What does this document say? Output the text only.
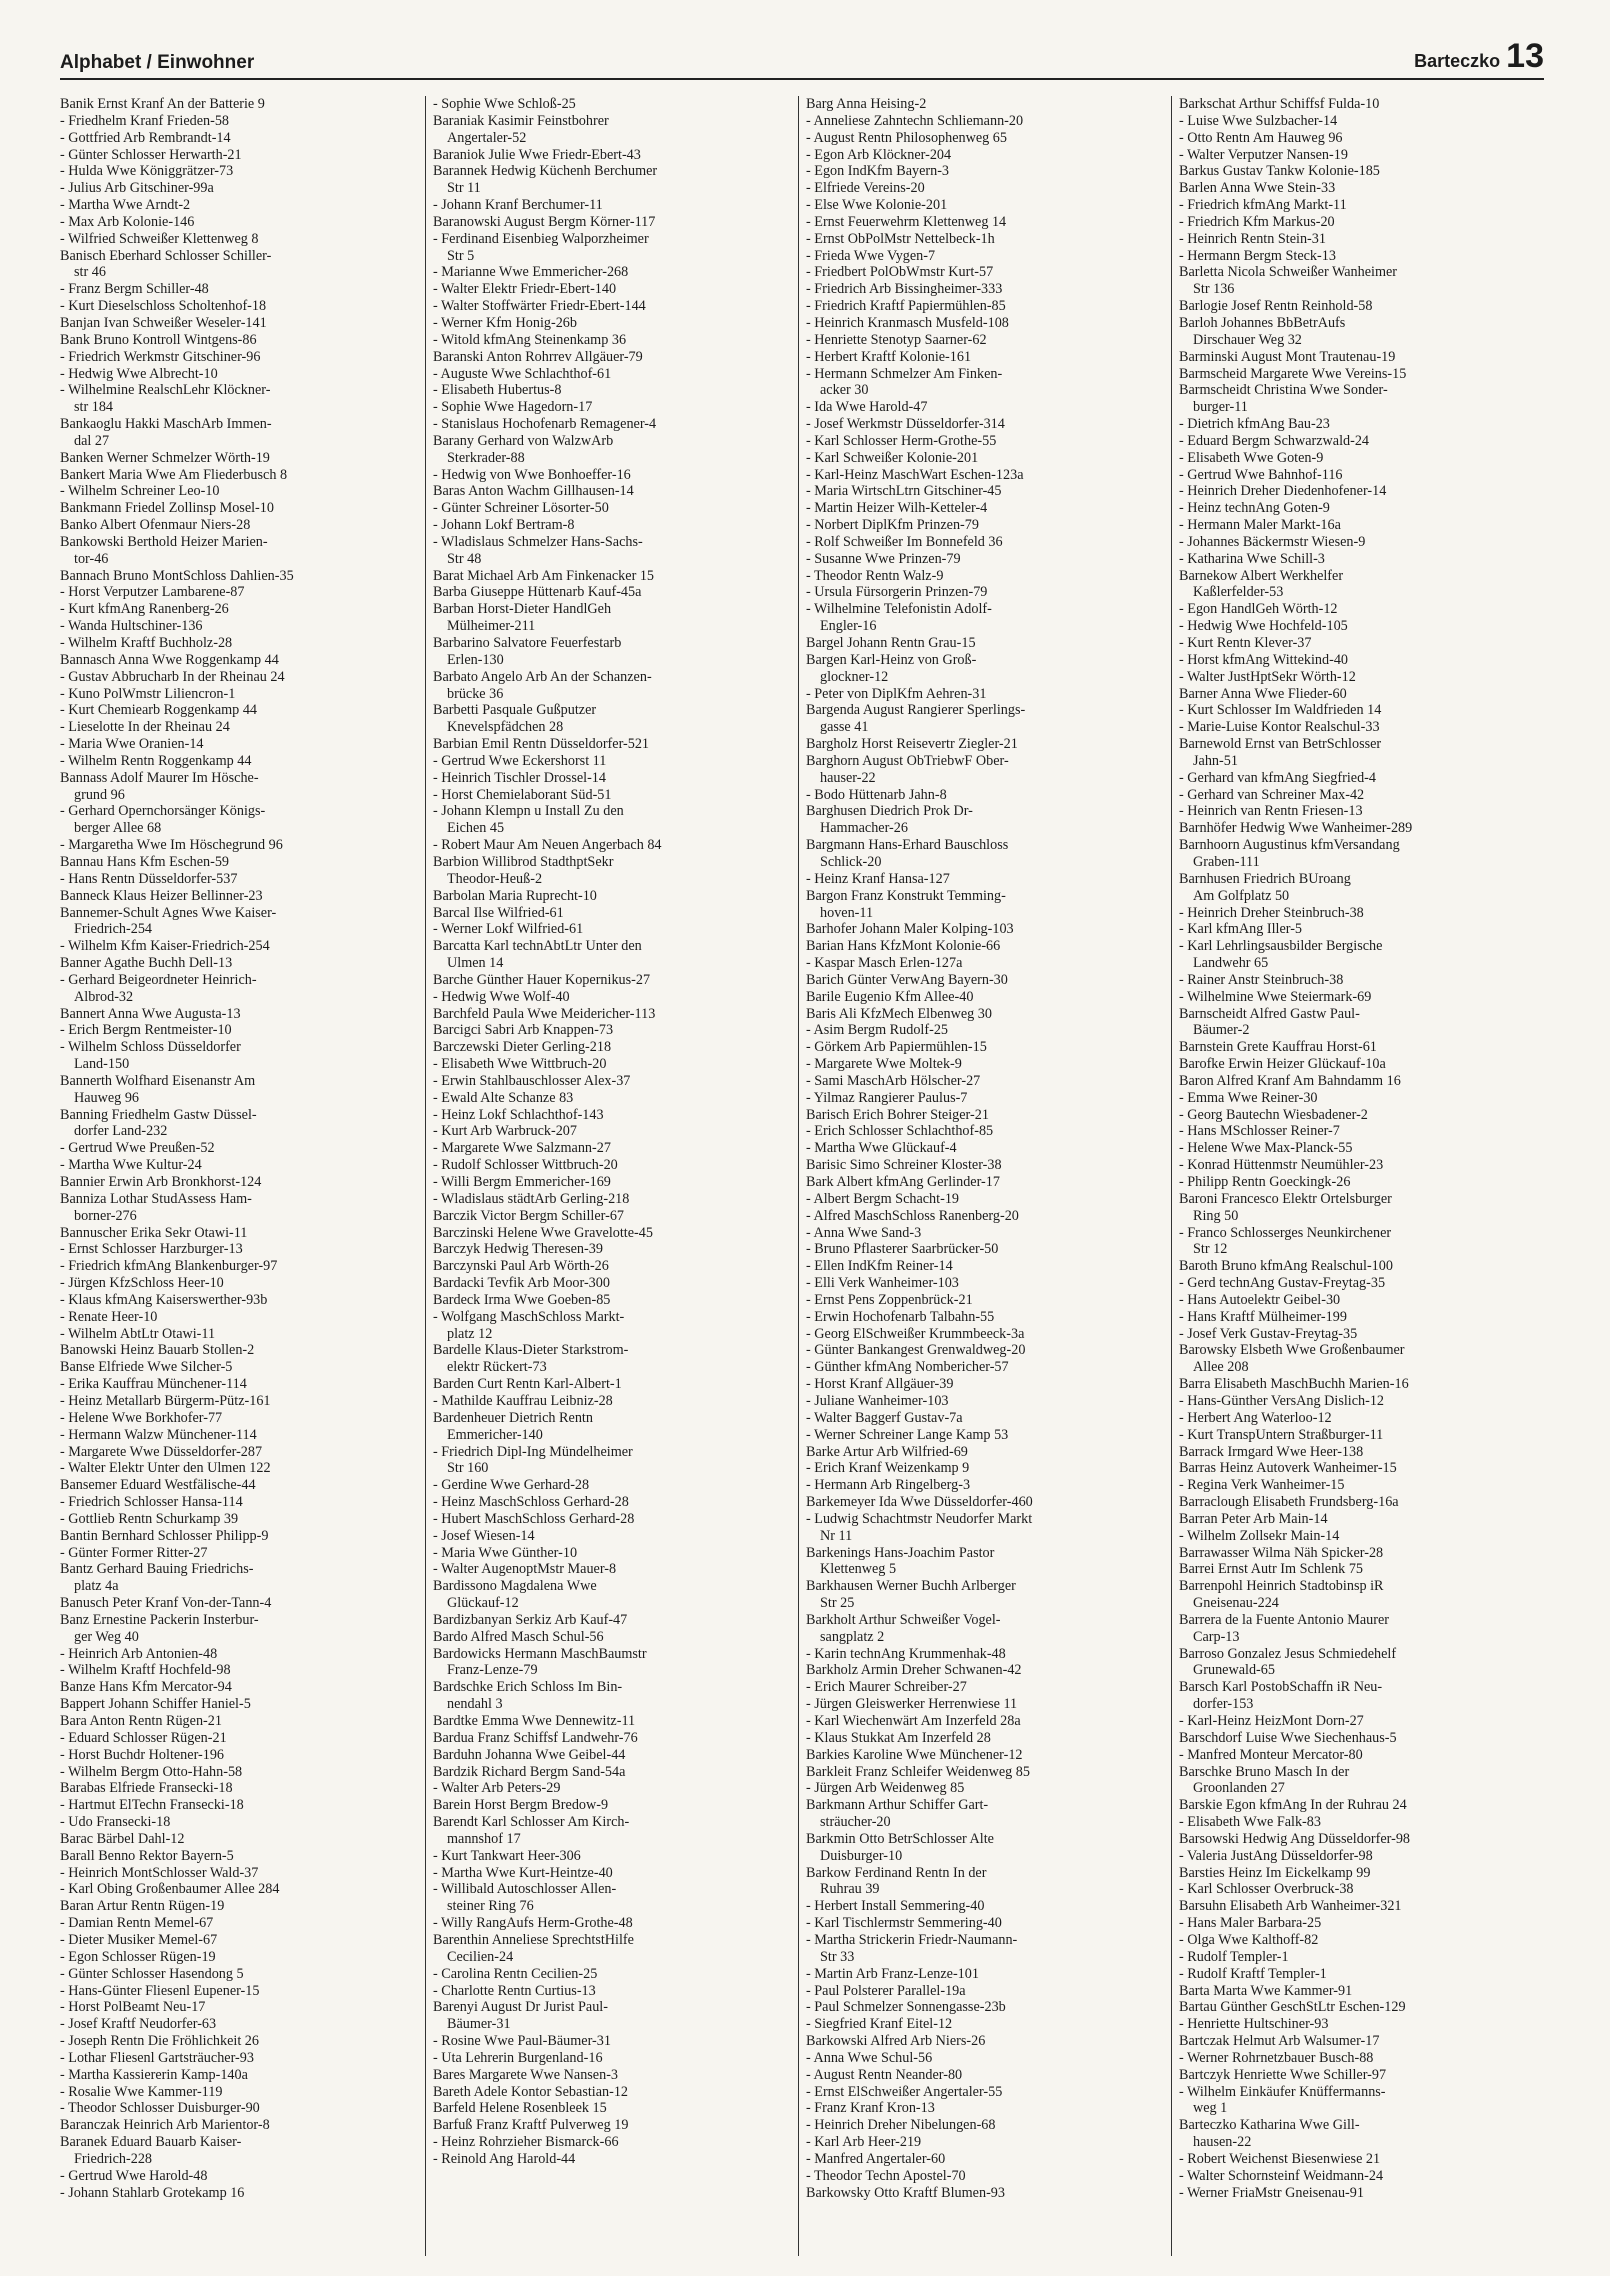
Alphabet / Einwohner	Barteczko 13
Banik Ernst Kranf An der Batterie 9
- Friedhelm Kranf Frieden-58
- Gottfried Arb Rembrandt-14
- Günter Schlosser Herwarth-21
- Hulda Wwe Königgrätzer-73
- Julius Arb Gitschiner-99a
- Martha Wwe Arndt-2
- Max Arb Kolonie-146
- Wilfried Schweißer Klettenweg 8
Banisch Eberhard Schlosser Schiller-
str 46
- Franz Bergm Schiller-48
- Kurt Dieselschloss Scholtenhof-18
Banjan Ivan Schweißer Weseler-141
Bank Bruno Kontroll Wintgens-86
- Friedrich Werkmstr Gitschiner-96
- Hedwig Wwe Albrecht-10
- Wilhelmine RealschLehr Klöckner-
str 184
Bankaoglu Hakki MaschArb Immen-
dal 27
Banken Werner Schmelzer Wörth-19
Bankert Maria Wwe Am Fliederbusch 8
- Wilhelm Schreiner Leo-10
Bankmann Friedel Zollinsp Mosel-10
Banko Albert Ofenmaur Niers-28
Bankowski Berthold Heizer Marien-
tor-46
Bannach Bruno MontSchloss Dahlien-35
- Horst Verputzer Lambarene-87
- Kurt kfmAng Ranenberg-26
- Wanda Hultschiner-136
- Wilhelm Kraftf Buchholz-28
Bannasch Anna Wwe Roggenkamp 44
- Gustav Abbrucharb In der Rheinau 24
- Kuno PolWmstr Liliencron-1
- Kurt Chemiearb Roggenkamp 44
- Lieselotte In der Rheinau 24
- Maria Wwe Oranien-14
- Wilhelm Rentn Roggenkamp 44
Bannass Adolf Maurer Im Hösche-
grund 96
- Gerhard Opernchorsänger Königs-
berger Allee 68
- Margaretha Wwe Im Höschegrund 96
Bannau Hans Kfm Eschen-59
- Hans Rentn Düsseldorfer-537
Banneck Klaus Heizer Bellinner-23
Bannemer-Schult Agnes Wwe Kaiser-
Friedrich-254
- Wilhelm Kfm Kaiser-Friedrich-254
Banner Agathe Buchh Dell-13
- Gerhard Beigeordneter Heinrich-
Albrod-32
Bannert Anna Wwe Augusta-13
- Erich Bergm Rentmeister-10
- Wilhelm Schloss Düsseldorfer
Land-150
Bannerth Wolfhard Eisenanstr Am
Hauweg 96
Banning Friedhelm Gastw Düssel-
dorfer Land-232
- Gertrud Wwe Preußen-52
- Martha Wwe Kultur-24
Bannier Erwin Arb Bronkhorst-124
Banniza Lothar StudAssess Ham-
borner-276
Bannuscher Erika Sekr Otawi-11
- Ernst Schlosser Harzburger-13
- Friedrich kfmAng Blankenburger-97
- Jürgen KfzSchloss Heer-10
- Klaus kfmAng Kaiserswerther-93b
- Renate Heer-10
- Wilhelm AbtLtr Otawi-11
Banowski Heinz Bauarb Stollen-2
Banse Elfriede Wwe Silcher-5
- Erika Kauffrau Münchener-114
- Heinz Metallarb Bürgerm-Pütz-161
- Helene Wwe Borkhofer-77
- Hermann Walzw Münchener-114
- Margarete Wwe Düsseldorfer-287
- Walter Elektr Unter den Ulmen 122
Bansemer Eduard Westfälische-44
- Friedrich Schlosser Hansa-114
- Gottlieb Rentn Schurkamp 39
Bantin Bernhard Schlosser Philipp-9
- Günter Former Ritter-27
Bantz Gerhard Bauing Friedrichs-
platz 4a
Banusch Peter Kranf Von-der-Tann-4
Banz Ernestine Packerin Insterbur-
ger Weg 40
- Heinrich Arb Antonien-48
- Wilhelm Kraftf Hochfeld-98
Banze Hans Kfm Mercator-94
Bappert Johann Schiffer Haniel-5
Bara Anton Rentn Rügen-21
- Eduard Schlosser Rügen-21
- Horst Buchdr Holtener-196
- Wilhelm Bergm Otto-Hahn-58
Barabas Elfriede Fransecki-18
- Hartmut ElTechn Fransecki-18
- Udo Fransecki-18
Barac Bärbel Dahl-12
Barall Benno Rektor Bayern-5
- Heinrich MontSchlosser Wald-37
- Karl Obing Großenbaumer Allee 284
Baran Artur Rentn Rügen-19
- Damian Rentn Memel-67
- Dieter Musiker Memel-67
- Egon Schlosser Rügen-19
- Günter Schlosser Hasendong 5
- Hans-Günter Fliesenl Eupener-15
- Horst PolBeamt Neu-17
- Josef Kraftf Neudorfer-63
- Joseph Rentn Die Fröhlichkeit 26
- Lothar Fliesenl Gartsträucher-93
- Martha Kassiererin Kamp-140a
- Rosalie Wwe Kammer-119
- Theodor Schlosser Duisburger-90
Baranczak Heinrich Arb Marientor-8
Baranek Eduard Bauarb Kaiser-
Friedrich-228
- Gertrud Wwe Harold-48
- Johann Stahlarb Grotekamp 16
- Sophie Wwe Schloß-25
Baraniak Kasimir Feinstbohrer
Angertaler-52
Baraniok Julie Wwe Friedr-Ebert-43
Barannek Hedwig Küchenh Berchumer
Str 11
- Johann Kranf Berchumer-11
Baranowski August Bergm Körner-117
- Ferdinand Eisenbieg Walporzheimer
Str 5
- Marianne Wwe Emmericher-268
- Walter Elektr Friedr-Ebert-140
- Walter Stoffwärter Friedr-Ebert-144
- Werner Kfm Honig-26b
- Witold kfmAng Steinenkamp 36
Baranski Anton Rohrrev Allgäuer-79
- Auguste Wwe Schlachthof-61
- Elisabeth Hubertus-8
- Sophie Wwe Hagedorn-17
- Stanislaus Hochofenarb Remagener-4
Barany Gerhard von WalzwArb
Sterkrader-88
- Hedwig von Wwe Bonhoeffer-16
Baras Anton Wachm Gillhausen-14
- Günter Schreiner Lösorter-50
- Johann Lokf Bertram-8
- Wladislaus Schmelzer Hans-Sachs-
Str 48
Barat Michael Arb Am Finkenacker 15
Barba Giuseppe Hüttenarb Kauf-45a
Barban Horst-Dieter HandlGeh
Mülheimer-211
Barbarino Salvatore Feuerfestarb
Erlen-130
Barbato Angelo Arb An der Schanzen-
brücke 36
Barbetti Pasquale Gußputzer
Knevelspfädchen 28
Barbian Emil Rentn Düsseldorfer-521
- Gertrud Wwe Eckershorst 11
- Heinrich Tischler Drossel-14
- Horst Chemielaborant Süd-51
- Johann Klempn u Install Zu den
Eichen 45
- Robert Maur Am Neuen Angerbach 84
Barbion Willibrod StadthptSekr
Theodor-Heuß-2
Barbolan Maria Ruprecht-10
Barcal Ilse Wilfried-61
- Werner Lokf Wilfried-61
Barcatta Karl technAbtLtr Unter den
Ulmen 14
Barche Günther Hauer Kopernikus-27
- Hedwig Wwe Wolf-40
Barchfeld Paula Wwe Meidericher-113
Barcigci Sabri Arb Knappen-73
Barczewski Dieter Gerling-218
- Elisabeth Wwe Wittbruch-20
- Erwin Stahlbauschlosser Alex-37
- Ewald Alte Schanze 83
- Heinz Lokf Schlachthof-143
- Kurt Arb Warbruck-207
- Margarete Wwe Salzmann-27
- Rudolf Schlosser Wittbruch-20
- Willi Bergm Emmericher-169
- Wladislaus städtArb Gerling-218
Barczik Victor Bergm Schiller-67
Barczinski Helene Wwe Gravelotte-45
Barczyk Hedwig Theresen-39
Barczynski Paul Arb Wörth-26
Bardacki Tevfik Arb Moor-300
Bardeck Irma Wwe Goeben-85
- Wolfgang MaschSchloss Markt-
platz 12
Bardelle Klaus-Dieter Starkstrom-
elektr Rückert-73
Barden Curt Rentn Karl-Albert-1
- Mathilde Kauffrau Leibniz-28
Bardenheuer Dietrich Rentn
Emmericher-140
- Friedrich Dipl-Ing Mündelheimer
Str 160
- Gerdine Wwe Gerhard-28
- Heinz MaschSchloss Gerhard-28
- Hubert MaschSchloss Gerhard-28
- Josef Wiesen-14
- Maria Wwe Günther-10
- Walter AugenoptMstr Mauer-8
Bardissono Magdalena Wwe
Glückauf-12
Bardizbanyan Serkiz Arb Kauf-47
Bardo Alfred Masch Schul-56
Bardowicks Hermann MaschBaumstr
Franz-Lenze-79
Bardschke Erich Schloss Im Bin-
nendahl 3
Bardtke Emma Wwe Dennewitz-11
Bardua Franz Schiffsf Landwehr-76
Barduhn Johanna Wwe Geibel-44
Bardzik Richard Bergm Sand-54a
- Walter Arb Peters-29
Barein Horst Bergm Bredow-9
Barendt Karl Schlosser Am Kirch-
mannshof 17
- Kurt Tankwart Heer-306
- Martha Wwe Kurt-Heintze-40
- Willibald Autoschlosser Allen-
steiner Ring 76
- Willy RangAufs Herm-Grothe-48
Barenthin Anneliese SprechtstHilfe
Cecilien-24
- Carolina Rentn Cecilien-25
- Charlotte Rentn Curtius-13
Barenyi August Dr Jurist Paul-
Bäumer-31
- Rosine Wwe Paul-Bäumer-31
- Uta Lehrerin Burgenland-16
Bares Margarete Wwe Nansen-3
Bareth Adele Kontor Sebastian-12
Barfeld Helene Rosenbleek 15
Barfuß Franz Kraftf Pulverweg 19
- Heinz Rohrzieher Bismarck-66
- Reinold Ang Harold-44
Barg Anna Heising-2
- Anneliese Zahntechn Schliemann-20
- August Rentn Philosophenweg 65
- Egon Arb Klöckner-204
- Egon IndKfm Bayern-3
- Elfriede Vereins-20
- Else Wwe Kolonie-201
- Ernst Feuerwehrm Klettenweg 14
- Ernst ObPolMstr Nettelbeck-1h
- Frieda Wwe Vygen-7
- Friedbert PolObWmstr Kurt-57
- Friedrich Arb Bissingheimer-333
- Friedrich Kraftf Papiermühlen-85
- Heinrich Kranmasch Musfeld-108
- Henriette Stenotyp Saarner-62
- Herbert Kraftf Kolonie-161
- Hermann Schmelzer Am Finken-
acker 30
- Ida Wwe Harold-47
- Josef Werkmstr Düsseldorfer-314
- Karl Schlosser Herm-Grothe-55
- Karl Schweißer Kolonie-201
- Karl-Heinz MaschWart Eschen-123a
- Maria WirtschLtrn Gitschiner-45
- Martin Heizer Wilh-Ketteler-4
- Norbert DiplKfm Prinzen-79
- Rolf Schweißer Im Bonnefeld 36
- Susanne Wwe Prinzen-79
- Theodor Rentn Walz-9
- Ursula Fürsorgerin Prinzen-79
- Wilhelmine Telefonistin Adolf-
Engler-16
Bargel Johann Rentn Grau-15
Bargen Karl-Heinz von Groß-
glockner-12
- Peter von DiplKfm Aehren-31
Bargenda August Rangierer Sperlings-
gasse 41
Bargholz Horst Reisevertr Ziegler-21
Barghorn August ObTriebwF Ober-
hauser-22
- Bodo Hüttenarb Jahn-8
Barghusen Diedrich Prok Dr-
Hammacher-26
Bargmann Hans-Erhard Bauschloss
Schlick-20
- Heinz Kranf Hansa-127
Bargon Franz Konstrukt Temming-
hoven-11
Barhofer Johann Maler Kolping-103
Barian Hans KfzMont Kolonie-66
- Kaspar Masch Erlen-127a
Barich Günter VerwAng Bayern-30
Barile Eugenio Kfm Allee-40
Baris Ali KfzMech Elbenweg 30
- Asim Bergm Rudolf-25
- Görkem Arb Papiermühlen-15
- Margarete Wwe Moltek-9
- Sami MaschArb Hölscher-27
- Yilmaz Rangierer Paulus-7
Barisch Erich Bohrer Steiger-21
- Erich Schlosser Schlachthof-85
- Martha Wwe Glückauf-4
Barisic Simo Schreiner Kloster-38
Bark Albert kfmAng Gerlinder-17
- Albert Bergm Schacht-19
- Alfred MaschSchloss Ranenberg-20
- Anna Wwe Sand-3
- Bruno Pflasterer Saarbrücker-50
- Ellen IndKfm Reiner-14
- Elli Verk Wanheimer-103
- Ernst Pens Zoppenbrück-21
- Erwin Hochofenarb Talbahn-55
- Georg ElSchweißer Krummbeeck-3a
- Günter Bankangest Grenwaldweg-20
- Günther kfmAng Nombericher-57
- Horst Kranf Allgäuer-39
- Juliane Wanheimer-103
- Walter Baggerf Gustav-7a
- Werner Schreiner Lange Kamp 53
Barke Artur Arb Wilfried-69
- Erich Kranf Weizenkamp 9
- Hermann Arb Ringelberg-3
Barkemeyer Ida Wwe Düsseldorfer-460
- Ludwig Schachtmstr Neudorfer Markt
Nr 11
Barkenings Hans-Joachim Pastor
Klettenweg 5
Barkhausen Werner Buchh Arlberger
Str 25
Barkholt Arthur Schweißer Vogel-
sangplatz 2
- Karin technAng Krummenhak-48
Barkholz Armin Dreher Schwanen-42
- Erich Maurer Schreiber-27
- Jürgen Gleiswerker Herrenwiese 11
- Karl Wiechenwärt Am Inzerfeld 28a
- Klaus Stukkat Am Inzerfeld 28
Barkies Karoline Wwe Münchener-12
Barkleit Franz Schleifer Weidenweg 85
- Jürgen Arb Weidenweg 85
Barkmann Arthur Schiffer Gart-
sträucher-20
Barkmin Otto BetrSchlosser Alte
Duisburger-10
Barkow Ferdinand Rentn In der
Ruhrau 39
- Herbert Install Semmering-40
- Karl Tischlermstr Semmering-40
- Martha Strickerin Friedr-Naumann-
Str 33
- Martin Arb Franz-Lenze-101
- Paul Polsterer Parallel-19a
- Paul Schmelzer Sonnengasse-23b
- Siegfried Kranf Eitel-12
Barkowski Alfred Arb Niers-26
- Anna Wwe Schul-56
- August Rentn Neander-80
- Ernst ElSchweißer Angertaler-55
- Franz Kranf Kron-13
- Heinrich Dreher Nibelungen-68
- Karl Arb Heer-219
- Manfred Angertaler-60
- Theodor Techn Apostel-70
Barkowsky Otto Kraftf Blumen-93
Barkschat Arthur Schiffsf Fulda-10
- Luise Wwe Sulzbacher-14
- Otto Rentn Am Hauweg 96
- Walter Verputzer Nansen-19
Barkus Gustav Tankw Kolonie-185
Barlen Anna Wwe Stein-33
- Friedrich kfmAng Markt-11
- Friedrich Kfm Markus-20
- Heinrich Rentn Stein-31
- Hermann Bergm Steck-13
Barletta Nicola Schweißer Wanheimer
Str 136
Barlogie Josef Rentn Reinhold-58
Barloh Johannes BbBetrAufs
Dirschauer Weg 32
Barminski August Mont Trautenau-19
Barmscheid Margarete Wwe Vereins-15
Barmscheidt Christina Wwe Sonder-
burger-11
- Dietrich kfmAng Bau-23
- Eduard Bergm Schwarzwald-24
- Elisabeth Wwe Goten-9
- Gertrud Wwe Bahnhof-116
- Heinrich Dreher Diedenhofener-14
- Heinz technAng Goten-9
- Hermann Maler Markt-16a
- Johannes Bäckermstr Wiesen-9
- Katharina Wwe Schill-3
Barnekow Albert Werkhelfer
Kaßlerfelder-53
- Egon HandlGeh Wörth-12
- Hedwig Wwe Hochfeld-105
- Kurt Rentn Klever-37
- Horst kfmAng Wittekind-40
- Walter JustHptSekr Wörth-12
Barner Anna Wwe Flieder-60
- Kurt Schlosser Im Waldfrieden 14
- Marie-Luise Kontor Realschul-33
Barnewold Ernst van BetrSchlosser
Jahn-51
- Gerhard van kfmAng Siegfried-4
- Gerhard van Schreiner Max-42
- Heinrich van Rentn Friesen-13
Barnhöfer Hedwig Wwe Wanheimer-289
Barnhoorn Augustinus kfmVersandang
Graben-111
Barnhusen Friedrich BUroang
Am Golfplatz 50
- Heinrich Dreher Steinbruch-38
- Karl kfmAng Iller-5
- Karl Lehrlingsausbilder Bergische
Landwehr 65
- Rainer Anstr Steinbruch-38
- Wilhelmine Wwe Steiermark-69
Barnscheidt Alfred Gastw Paul-
Bäumer-2
Barnstein Grete Kauffrau Horst-61
Barofke Erwin Heizer Glückauf-10a
Baron Alfred Kranf Am Bahndamm 16
- Emma Wwe Reiner-30
- Georg Bautechn Wiesbadener-2
- Hans MSchlosser Reiner-7
- Helene Wwe Max-Planck-55
- Konrad Hüttenmstr Neumühler-23
- Philipp Rentn Goeckingk-26
Baroni Francesco Elektr Ortelsburger
Ring 50
- Franco Schlosserges Neunkirchener
Str 12
Baroth Bruno kfmAng Realschul-100
- Gerd technAng Gustav-Freytag-35
- Hans Autoelektr Geibel-30
- Hans Kraftf Mülheimer-199
- Josef Verk Gustav-Freytag-35
Barowsky Elsbeth Wwe Großenbaumer
Allee 208
Barra Elisabeth MaschBuchh Marien-16
- Hans-Günther VersAng Dislich-12
- Herbert Ang Waterloo-12
- Kurt TranspUntern Straßburger-11
Barrack Irmgard Wwe Heer-138
Barras Heinz Autoverk Wanheimer-15
- Regina Verk Wanheimer-15
Barraclough Elisabeth Frundsberg-16a
Barran Peter Arb Main-14
- Wilhelm Zollsekr Main-14
Barrawasser Wilma Näh Spicker-28
Barrei Ernst Autr Im Schlenk 75
Barrenpohl Heinrich Stadtobinsp iR
Gneisenau-224
Barrera de la Fuente Antonio Maurer
Carp-13
Barroso Gonzalez Jesus Schmiedehelf
Grunewald-65
Barsch Karl PostobSchaffn iR Neu-
dorfer-153
- Karl-Heinz HeizMont Dorn-27
Barschdorf Luise Wwe Siechenhaus-5
- Manfred Monteur Mercator-80
Barschke Bruno Masch In der
Groonlanden 27
Barskie Egon kfmAng In der Ruhrau 24
- Elisabeth Wwe Falk-83
Barsowski Hedwig Ang Düsseldorfer-98
- Valeria JustAng Düsseldorfer-98
Barsties Heinz Im Eickelkamp 99
- Karl Schlosser Overbruck-38
Barsuhn Elisabeth Arb Wanheimer-321
- Hans Maler Barbara-25
- Olga Wwe Kalthoff-82
- Rudolf Templer-1
- Rudolf Kraftf Templer-1
Barta Marta Wwe Kammer-91
Bartau Günther GeschStLtr Eschen-129
- Henriette Hultschiner-93
Bartczak Helmut Arb Walsumer-17
- Werner Rohrnetzbauer Busch-88
Bartczyk Henriette Wwe Schiller-97
- Wilhelm Einkäufer Knüffermanns-
weg 1
Barteczko Katharina Wwe Gill-
hausen-22
- Robert Weichenst Biesenwiese 21
- Walter Schornsteinf Weidmann-24
- Werner FriaMstr Gneisenau-91
